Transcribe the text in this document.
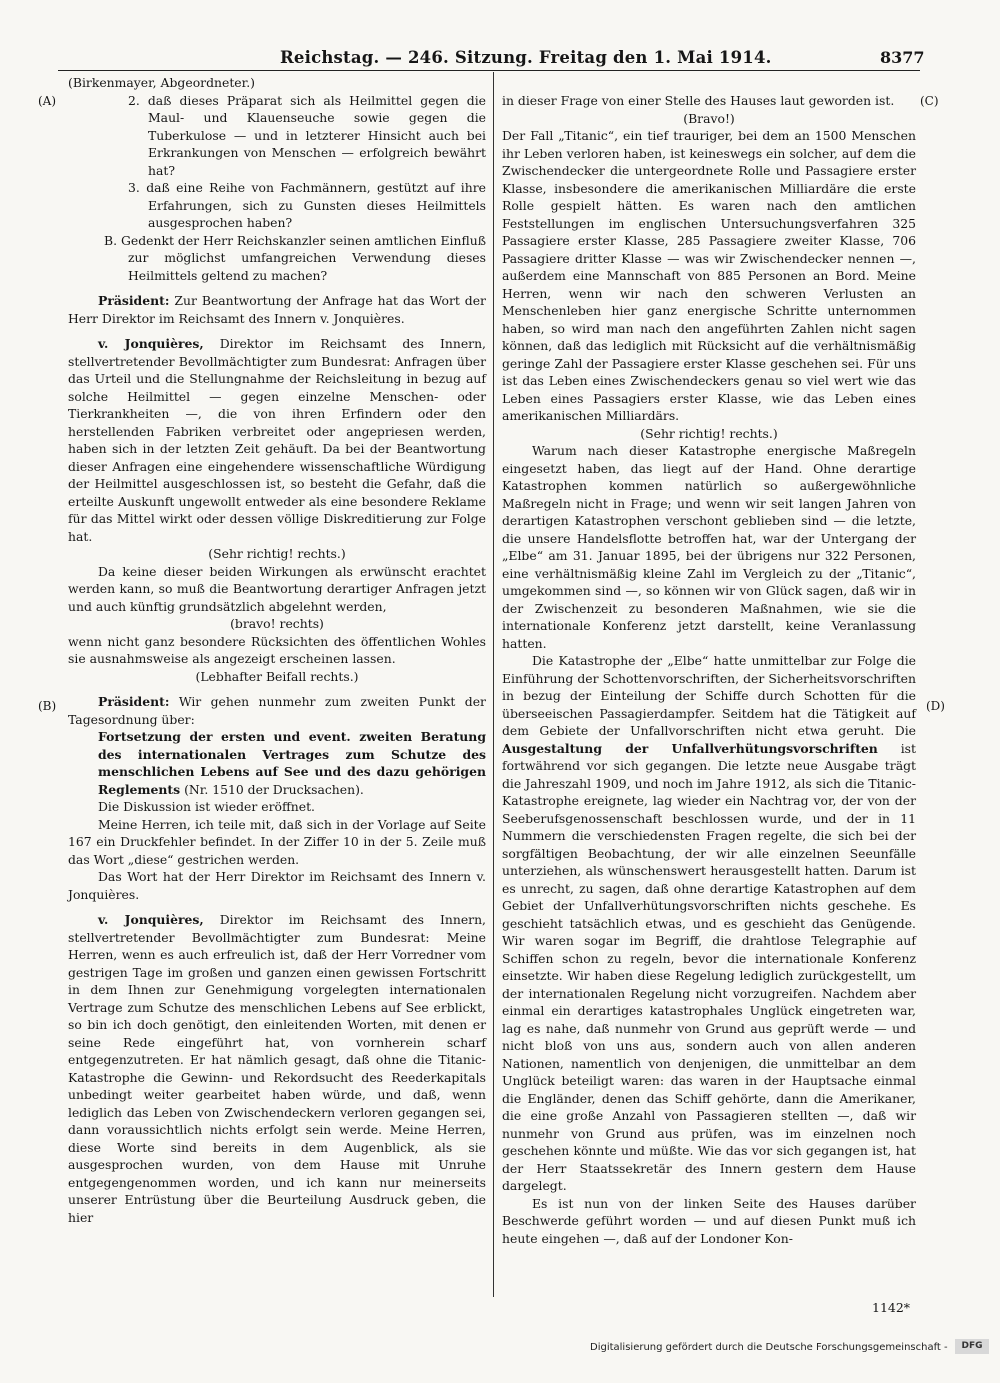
Reichstag. — 246. Sitzung. Freitag den 1. Mai 1914.	8377
(A)	(C)
(B)	(D)

(Birkenmayer, Abgeordneter.)

2. daß dieses Präparat sich als Heilmittel gegen die Maul- und Klauenseuche sowie gegen die Tuberkulose — und in letzterer Hinsicht auch bei Erkrankungen von Menschen — erfolgreich bewährt hat?

3. daß eine Reihe von Fachmännern, gestützt auf ihre Erfahrungen, sich zu Gunsten dieses Heilmittels ausgesprochen haben?

B. Gedenkt der Herr Reichskanzler seinen amtlichen Einfluß zur möglichst umfangreichen Verwendung dieses Heilmittels geltend zu machen?

Präsident: Zur Beantwortung der Anfrage hat das Wort der Herr Direktor im Reichsamt des Innern v. Jonquières.

v. Jonquières, Direktor im Reichsamt des Innern, stellvertretender Bevollmächtigter zum Bundesrat: Anfragen über das Urteil und die Stellungnahme der Reichsleitung in bezug auf solche Heilmittel — gegen einzelne Menschen- oder Tierkrankheiten —, die von ihren Erfindern oder den herstellenden Fabriken verbreitet oder angepriesen werden, haben sich in der letzten Zeit gehäuft. Da bei der Beantwortung dieser Anfragen eine eingehendere wissenschaftliche Würdigung der Heilmittel ausgeschlossen ist, so besteht die Gefahr, daß die erteilte Auskunft ungewollt entweder als eine besondere Reklame für das Mittel wirkt oder dessen völlige Diskreditierung zur Folge hat.

(Sehr richtig! rechts.)

Da keine dieser beiden Wirkungen als erwünscht erachtet werden kann, so muß die Beantwortung derartiger Anfragen jetzt und auch künftig grundsätzlich abgelehnt werden,

(bravo! rechts)

wenn nicht ganz besondere Rücksichten des öffentlichen Wohles sie ausnahmsweise als angezeigt erscheinen lassen.

(Lebhafter Beifall rechts.)

Präsident: Wir gehen nunmehr zum zweiten Punkt der Tagesordnung über:

Fortsetzung der ersten und event. zweiten Beratung des internationalen Vertrages zum Schutze des menschlichen Lebens auf See und des dazu gehörigen Reglements (Nr. 1510 der Drucksachen).

Die Diskussion ist wieder eröffnet.

Meine Herren, ich teile mit, daß sich in der Vorlage auf Seite 167 ein Druckfehler befindet. In der Ziffer 10 in der 5. Zeile muß das Wort „diese“ gestrichen werden.

Das Wort hat der Herr Direktor im Reichsamt des Innern v. Jonquières.

v. Jonquières, Direktor im Reichsamt des Innern, stellvertretender Bevollmächtigter zum Bundesrat: Meine Herren, wenn es auch erfreulich ist, daß der Herr Vorredner vom gestrigen Tage im großen und ganzen einen gewissen Fortschritt in dem Ihnen zur Genehmigung vorgelegten internationalen Vertrage zum Schutze des menschlichen Lebens auf See erblickt, so bin ich doch genötigt, den einleitenden Worten, mit denen er seine Rede eingeführt hat, von vornherein scharf entgegenzutreten. Er hat nämlich gesagt, daß ohne die Titanic-Katastrophe die Gewinn- und Rekordsucht des Reederkapitals unbedingt weiter gearbeitet haben würde, und daß, wenn lediglich das Leben von Zwischendeckern verloren gegangen sei, dann voraussichtlich nichts erfolgt sein werde. Meine Herren, diese Worte sind bereits in dem Augenblick, als sie ausgesprochen wurden, von dem Hause mit Unruhe entgegengenommen worden, und ich kann nur meinerseits unserer Entrüstung über die Beurteilung Ausdruck geben, die hier

in dieser Frage von einer Stelle des Hauses laut geworden ist.

(Bravo!)

Der Fall „Titanic“, ein tief trauriger, bei dem an 1500 Menschen ihr Leben verloren haben, ist keineswegs ein solcher, auf dem die Zwischendecker die untergeordnete Rolle und Passagiere erster Klasse, insbesondere die amerikanischen Milliardäre die erste Rolle gespielt hätten. Es waren nach den amtlichen Feststellungen im englischen Untersuchungsverfahren 325 Passagiere erster Klasse, 285 Passagiere zweiter Klasse, 706 Passagiere dritter Klasse — was wir Zwischendecker nennen —, außerdem eine Mannschaft von 885 Personen an Bord. Meine Herren, wenn wir nach den schweren Verlusten an Menschenleben hier ganz energische Schritte unternommen haben, so wird man nach den angeführten Zahlen nicht sagen können, daß das lediglich mit Rücksicht auf die verhältnismäßig geringe Zahl der Passagiere erster Klasse geschehen sei. Für uns ist das Leben eines Zwischendeckers genau so viel wert wie das Leben eines Passagiers erster Klasse, wie das Leben eines amerikanischen Milliardärs.

(Sehr richtig! rechts.)

Warum nach dieser Katastrophe energische Maßregeln eingesetzt haben, das liegt auf der Hand. Ohne derartige Katastrophen kommen natürlich so außergewöhnliche Maßregeln nicht in Frage; und wenn wir seit langen Jahren von derartigen Katastrophen verschont geblieben sind — die letzte, die unsere Handelsflotte betroffen hat, war der Untergang der „Elbe“ am 31. Januar 1895, bei der übrigens nur 322 Personen, eine verhältnismäßig kleine Zahl im Vergleich zu der „Titanic“, umgekommen sind —, so können wir von Glück sagen, daß wir in der Zwischenzeit zu besonderen Maßnahmen, wie sie die internationale Konferenz jetzt darstellt, keine Veranlassung hatten.

Die Katastrophe der „Elbe“ hatte unmittelbar zur Folge die Einführung der Schottenvorschriften, der Sicherheitsvorschriften in bezug der Einteilung der Schiffe durch Schotten für die überseeischen Passagierdampfer. Seitdem hat die Tätigkeit auf dem Gebiete der Unfallvorschriften nicht etwa geruht. Die Ausgestaltung der Unfallverhütungsvorschriften ist fortwährend vor sich gegangen. Die letzte neue Ausgabe trägt die Jahreszahl 1909, und noch im Jahre 1912, als sich die Titanic-Katastrophe ereignete, lag wieder ein Nachtrag vor, der von der Seeberufsgenossenschaft beschlossen wurde, und der in 11 Nummern die verschiedensten Fragen regelte, die sich bei der sorgfältigen Beobachtung, der wir alle einzelnen Seeunfälle unterziehen, als wünschenswert herausgestellt hatten. Darum ist es unrecht, zu sagen, daß ohne derartige Katastrophen auf dem Gebiet der Unfallverhütungsvorschriften nichts geschehe. Es geschieht tatsächlich etwas, und es geschieht das Genügende. Wir waren sogar im Begriff, die drahtlose Telegraphie auf Schiffen schon zu regeln, bevor die internationale Konferenz einsetzte. Wir haben diese Regelung lediglich zurückgestellt, um der internationalen Regelung nicht vorzugreifen. Nachdem aber einmal ein derartiges katastrophales Unglück eingetreten war, lag es nahe, daß nunmehr von Grund aus geprüft werde — und nicht bloß von uns aus, sondern auch von allen anderen Nationen, namentlich von denjenigen, die unmittelbar an dem Unglück beteiligt waren: das waren in der Hauptsache einmal die Engländer, denen das Schiff gehörte, dann die Amerikaner, die eine große Anzahl von Passagieren stellten —, daß wir nunmehr von Grund aus prüfen, was im einzelnen noch geschehen könnte und müßte. Wie das vor sich gegangen ist, hat der Herr Staatssekretär des Innern gestern dem Hause dargelegt.

Es ist nun von der linken Seite des Hauses darüber Beschwerde geführt worden — und auf diesen Punkt muß ich heute eingehen —, daß auf der Londoner Kon-

1142*
Digitalisierung gefördert durch die Deutsche Forschungsgemeinschaft -	DFG
